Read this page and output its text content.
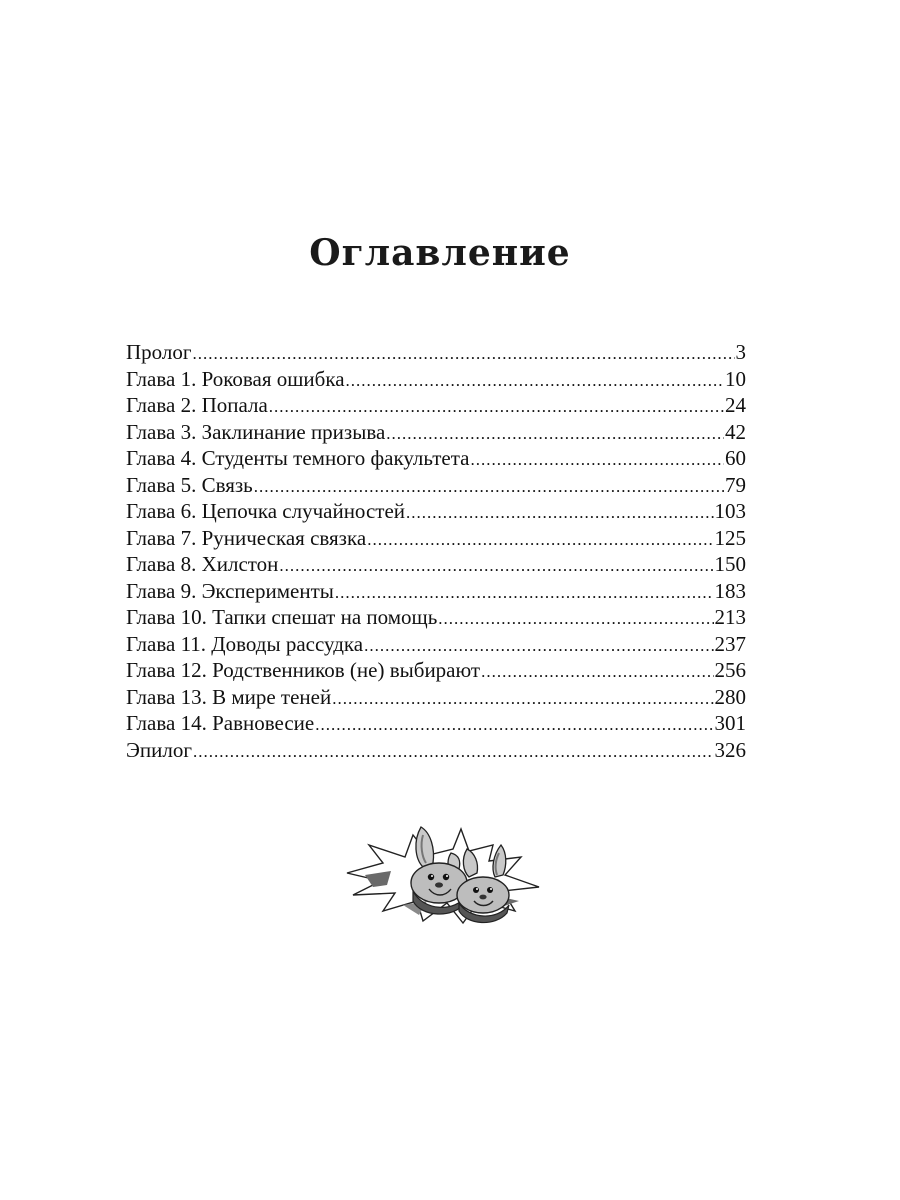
Оглавление
Пролог .....	3
Глава 1. Роковая ошибка .....	10
Глава 2. Попала .....	24
Глава 3. Заклинание призыва .....	42
Глава 4. Студенты темного факультета .....	60
Глава 5. Связь .....	79
Глава 6. Цепочка случайностей .....	103
Глава 7. Руническая связка .....	125
Глава 8. Хилстон .....	150
Глава 9. Эксперименты .....	183
Глава 10. Тапки спешат на помощь .....	213
Глава 11. Доводы рассудка .....	237
Глава 12. Родственников (не) выбирают .....	256
Глава 13. В мире теней .....	280
Глава 14. Равновесие .....	301
Эпилог .....	326
